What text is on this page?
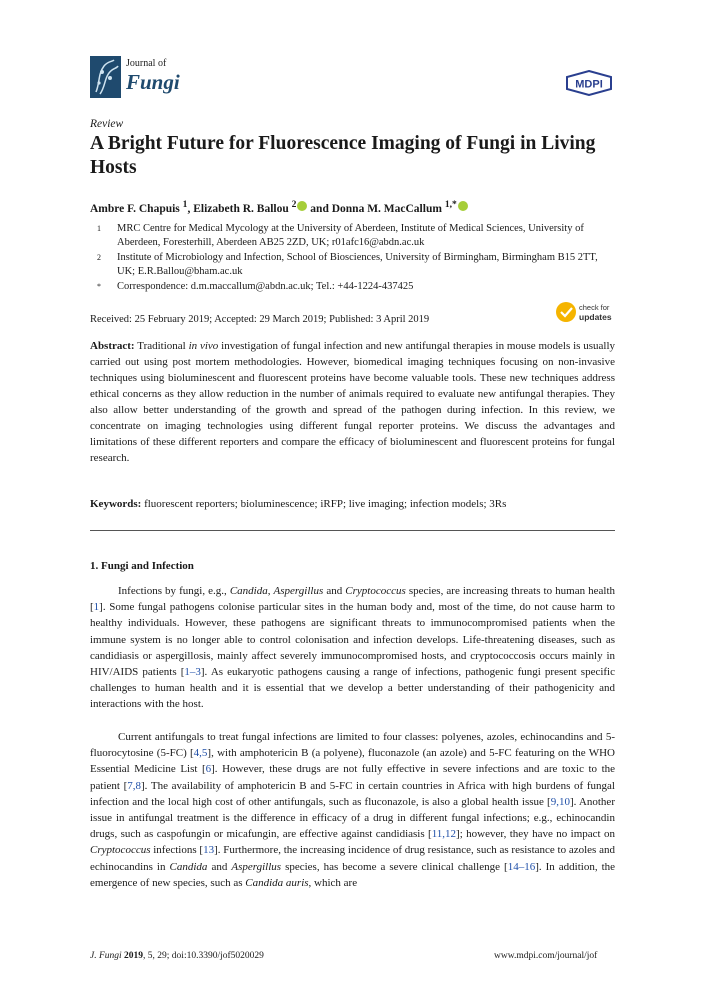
Journal of
Fungi	MDPI
Review
A Bright Future for Fluorescence Imaging of Fungi in Living Hosts
Ambre F. Chapuis $^1$, Elizabeth R. Ballou $^2$ and Donna M. MacCallum $^{1,*}$
1 MRC Centre for Medical Mycology at the University of Aberdeen, Institute of Medical Sciences, University of Aberdeen, Foresterhill, Aberdeen AB25 2ZD, UK; r01afc16@abdn.ac.uk
2 Institute of Microbiology and Infection, School of Biosciences, University of Birmingham, Birmingham B15 2TT, UK; E.R.Ballou@bham.ac.uk
* Correspondence: d.m.maccallum@abdn.ac.uk; Tel.: +44-1224-437425
Received: 25 February 2019; Accepted: 29 March 2019; Published: 3 April 2019
check for
updates
Abstract: Traditional in vivo investigation of fungal infection and new antifungal therapies in mouse models is usually carried out using post mortem methodologies. However, biomedical imaging techniques focusing on non-invasive techniques using bioluminescent and fluorescent proteins have become valuable tools. These new techniques address ethical concerns as they allow reduction in the number of animals required to evaluate new antifungal therapies. They also allow better understanding of the growth and spread of the pathogen during infection. In this review, we concentrate on imaging technologies using different fungal reporter proteins. We discuss the advantages and limitations of these different reporters and compare the efficacy of bioluminescent and fluorescent proteins for fungal research.
Keywords: fluorescent reporters; bioluminescence; iRFP; live imaging; infection models; 3Rs
1. Fungi and Infection
Infections by fungi, e.g., Candida, Aspergillus and Cryptococcus species, are increasing threats to human health [1]. Some fungal pathogens colonise particular sites in the human body and, most of the time, do not cause harm to healthy individuals. However, these pathogens are significant threats to immunocompromised patients when the immune system is no longer able to control colonisation and infection develops. Life-threatening diseases, such as candidiasis or aspergillosis, mainly affect severely immunocompromised hosts, and cryptococcosis occurs mainly in HIV/AIDS patients [1–3]. As eukaryotic pathogens causing a range of infections, pathogenic fungi present specific challenges to human health and it is essential that we develop a better understanding of their pathogenicity and interactions with the host.
Current antifungals to treat fungal infections are limited to four classes: polyenes, azoles, echinocandins and 5-fluorocytosine (5-FC) [4,5], with amphotericin B (a polyene), fluconazole (an azole) and 5-FC featuring on the WHO Essential Medicine List [6]. However, these drugs are not fully effective in severe infections and are toxic to the patient [7,8]. The availability of amphotericin B and 5-FC in certain countries in Africa with high burdens of fungal infection and the local high cost of other antifungals, such as fluconazole, is also a global health issue [9,10]. Another issue in antifungal treatment is the difference in efficacy of a drug in different fungal infections; e.g., echinocandin drugs, such as caspofungin or micafungin, are effective against candidiasis [11,12]; however, they have no impact on Cryptococcus infections [13]. Furthermore, the increasing incidence of drug resistance, such as resistance to azoles and echinocandins in Candida and Aspergillus species, has become a severe clinical challenge [14–16]. In addition, the emergence of new species, such as Candida auris, which are
J. Fungi 2019, 5, 29; doi:10.3390/jof5020029	www.mdpi.com/journal/jof
